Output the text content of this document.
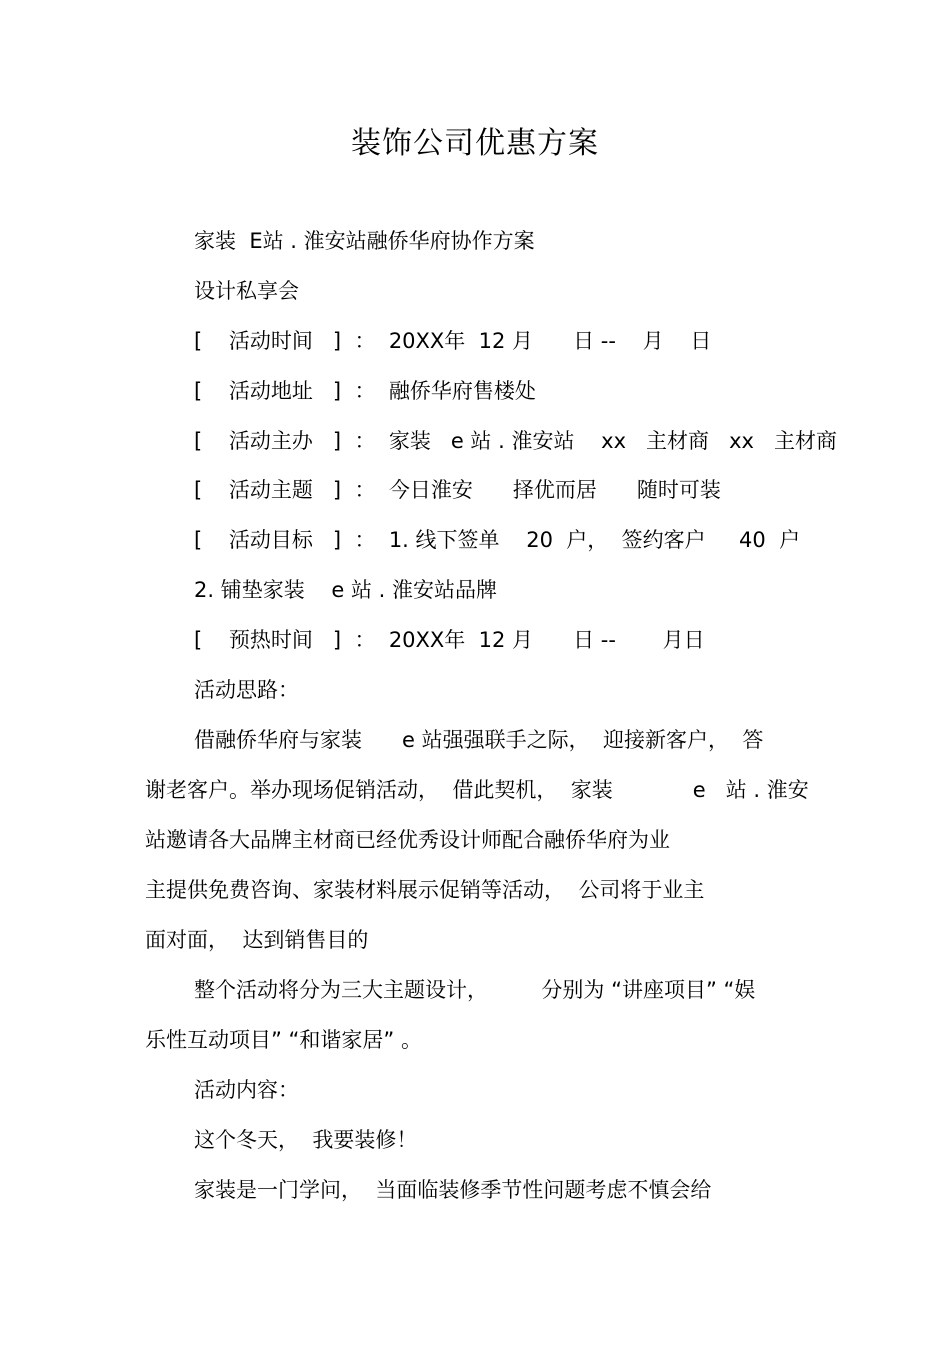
装饰公司优惠方案
家装  E站 . 淮安站融侨华府协作方案
设计私享会
[    活动时间   ]  ：  20XX年  12 月      日 --    月    日
[    活动地址   ]  ：  融侨华府售楼处
[    活动主办   ]  ：  家装   e 站 . 淮安站    xx   主材商   xx   主材商
[    活动主题   ]  ：  今日淮安      择优而居      随时可装
[    活动目标   ]  ：  1. 线下签单    20  户，  签约客户     40  户
2. 铺垫家装    e 站 . 淮安站品牌
[    预热时间   ]  ：  20XX年  12 月      日 --       月日
活动思路：
借融侨华府与家装      e 站强强联手之际，  迎接新客户，  答
谢老客户。举办现场促销活动，  借此契机，  家装            e   站 . 淮安
站邀请各大品牌主材商已经优秀设计师配合融侨华府为业
主提供免费咨询、家装材料展示促销等活动，  公司将于业主
面对面，  达到销售目的
整个活动将分为三大主题设计，        分别为 “讲座项目” “娱
乐性互动项目” “和谐家居” 。
活动内容：
这个冬天，  我要装修！
家装是一门学问，  当面临装修季节性问题考虑不慎会给
